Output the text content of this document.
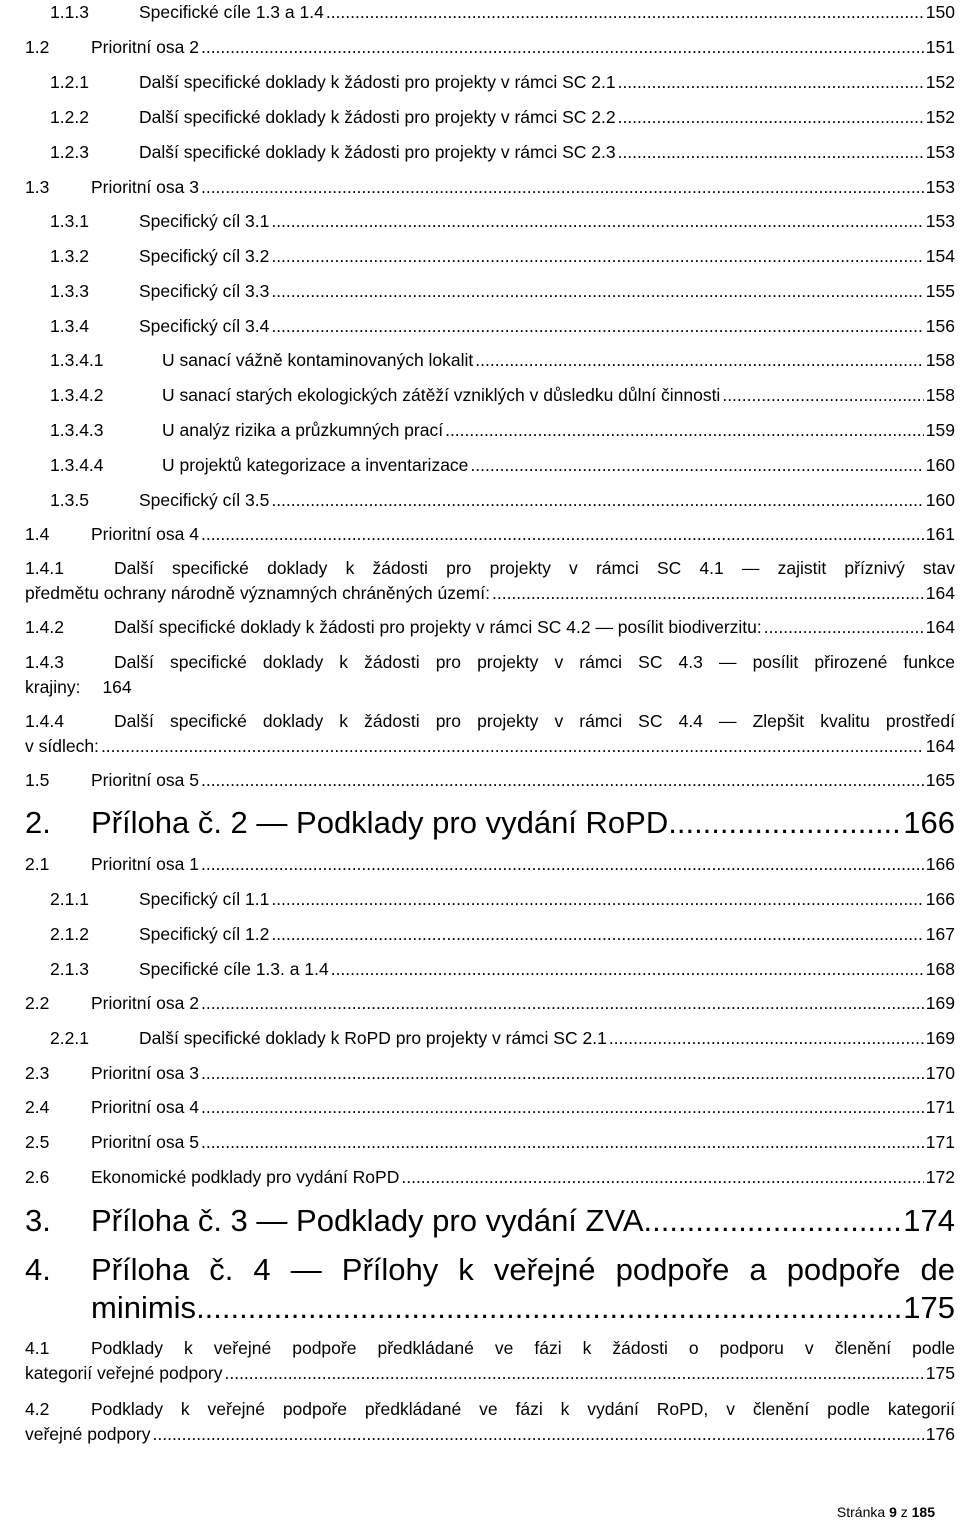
1.1.3	Specifické cíle 1.3 a 1.4 .....	150
1.2	Prioritní osa 2 .....	151
1.2.1	Další specifické doklady k žádosti pro projekty v rámci SC 2.1 .....	152
1.2.2	Další specifické doklady k žádosti pro projekty v rámci SC 2.2 .....	152
1.2.3	Další specifické doklady k žádosti pro projekty v rámci SC 2.3 .....	153
1.3	Prioritní osa 3 .....	153
1.3.1	Specifický cíl 3.1 .....	153
1.3.2	Specifický cíl 3.2 .....	154
1.3.3	Specifický cíl 3.3 .....	155
1.3.4	Specifický cíl 3.4 .....	156
1.3.4.1	U sanací vážně kontaminovaných lokalit .....	158
1.3.4.2	U sanací starých ekologických zátěží vzniklých v důsledku důlní činnosti .....	158
1.3.4.3	U analýz rizika a průzkumných prací .....	159
1.3.4.4	U projektů kategorizace a inventarizace .....	160
1.3.5	Specifický cíl 3.5 .....	160
1.4	Prioritní osa 4 .....	161
1.4.1	Další specifické doklady k žádosti pro projekty v rámci SC 4.1 — zajistit příznivý stav
předmětu ochrany národně významných chráněných území: .....	164
1.4.2	Další specifické doklady k žádosti pro projekty v rámci SC 4.2 — posílit biodiverzitu: .....	164
1.4.3	Další specifické doklady k žádosti pro projekty v rámci SC 4.3 — posílit přirozené funkce
krajiny: 164
1.4.4	Další specifické doklady k žádosti pro projekty v rámci SC 4.4 — Zlepšit kvalitu prostředí
v sídlech: .....	164
1.5	Prioritní osa 5 .....	165
2.	Příloha č. 2 — Podklady pro vydání RoPD .....	166
2.1	Prioritní osa 1 .....	166
2.1.1	Specifický cíl 1.1 .....	166
2.1.2	Specifický cíl 1.2 .....	167
2.1.3	Specifické cíle 1.3. a 1.4 .....	168
2.2	Prioritní osa 2 .....	169
2.2.1	Další specifické doklady k RoPD pro projekty v rámci SC 2.1 .....	169
2.3	Prioritní osa 3 .....	170
2.4	Prioritní osa 4 .....	171
2.5	Prioritní osa 5 .....	171
2.6	Ekonomické podklady pro vydání RoPD .....	172
3.	Příloha č. 3 — Podklady pro vydání ZVA .....	174
4. Příloha č. 4 — Přílohy k veřejné podpoře a podpoře de
minimis .....	175
4.1 Podklady k veřejné podpoře předkládané ve fázi k žádosti o podporu v členění podle
kategorií veřejné podpory .....	175
4.2 Podklady k veřejné podpoře předkládané ve fázi k vydání RoPD, v členění podle kategorií
veřejné podpory .....	176
Stránka 9 z 185
